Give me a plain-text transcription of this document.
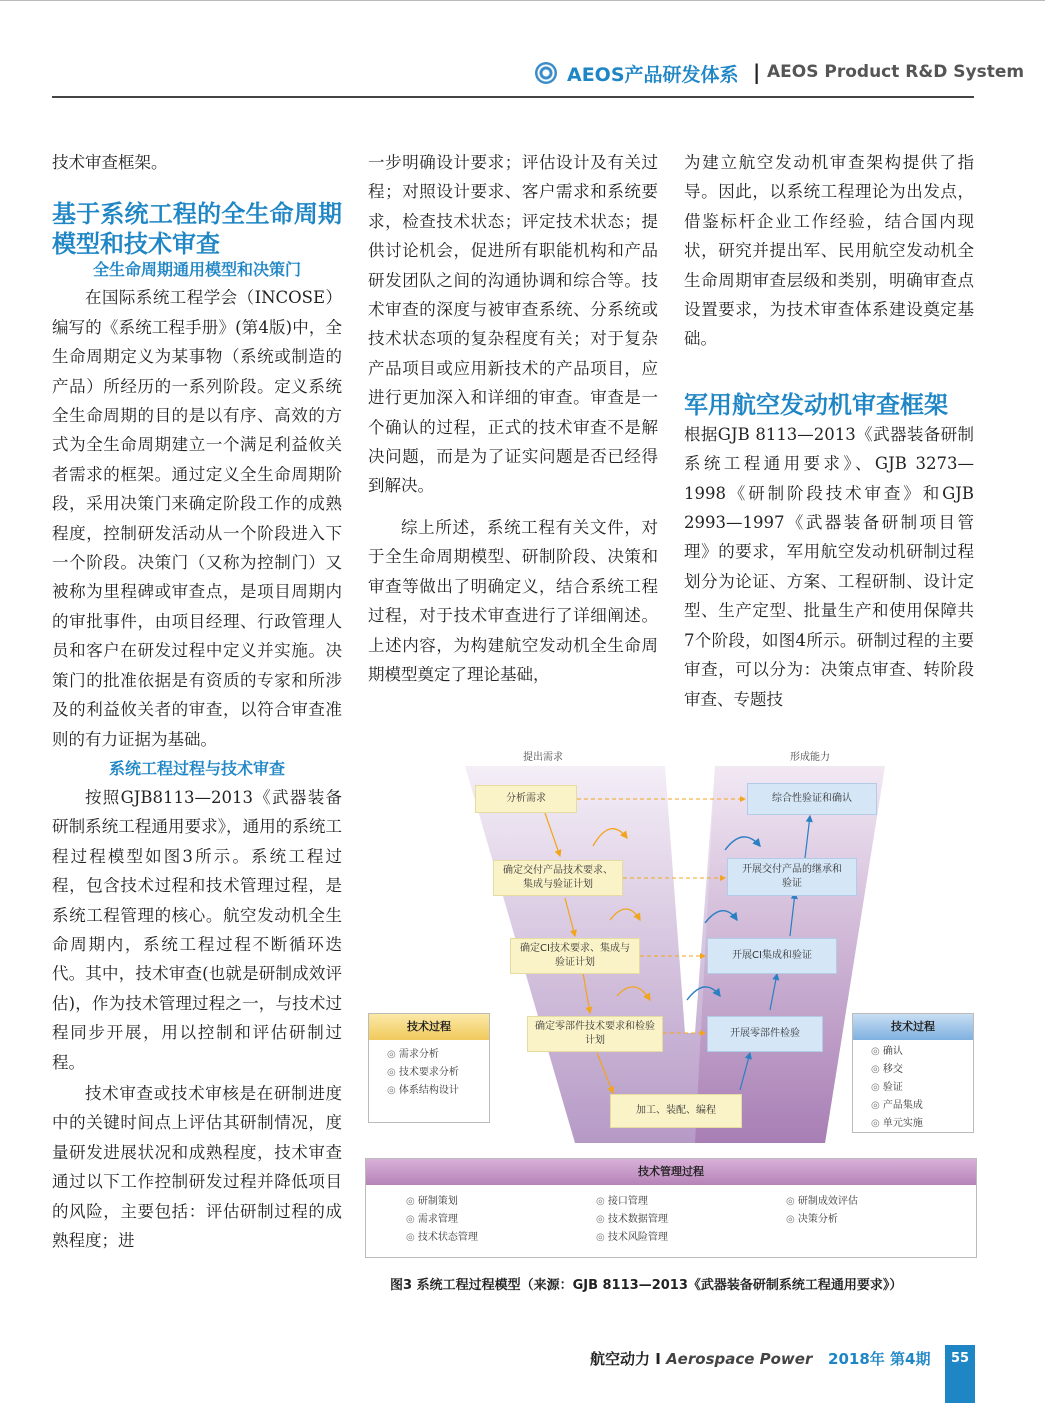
AEOS产品研发体系 | AEOS Product R&D System

技术审查框架。

基于系统工程的全生命周期模型和技术审查

全生命周期通用模型和决策门

在国际系统工程学会（INCOSE）编写的《系统工程手册》(第4版)中，全生命周期定义为某事物（系统或制造的产品）所经历的一系列阶段。定义系统全生命周期的目的是以有序、高效的方式为全生命周期建立一个满足利益攸关者需求的框架。通过定义全生命周期阶段，采用决策门来确定阶段工作的成熟程度，控制研发活动从一个阶段进入下一个阶段。决策门（又称为控制门）又被称为里程碑或审查点，是项目周期内的审批事件，由项目经理、行政管理人员和客户在研发过程中定义并实施。决策门的批准依据是有资质的专家和所涉及的利益攸关者的审查，以符合审查准则的有力证据为基础。

系统工程过程与技术审查

按照GJB8113—2013《武器装备研制系统工程通用要求》，通用的系统工程过程模型如图3所示。系统工程过程，包含技术过程和技术管理过程，是系统工程管理的核心。航空发动机全生命周期内，系统工程过程不断循环迭代。其中，技术审查(也就是研制成效评估)，作为技术管理过程之一，与技术过程同步开展，用以控制和评估研制过程。

技术审查或技术审核是在研制进度中的关键时间点上评估其研制情况，度量研发进展状况和成熟程度，技术审查通过以下工作控制研发过程并降低项目的风险，主要包括：评估研制过程的成熟程度；进

一步明确设计要求；评估设计及有关过程；对照设计要求、客户需求和系统要求，检查技术状态；评定技术状态；提供讨论机会，促进所有职能机构和产品研发团队之间的沟通协调和综合等。技术审查的深度与被审查系统、分系统或技术状态项的复杂程度有关；对于复杂产品项目或应用新技术的产品项目，应进行更加深入和详细的审查。审查是一个确认的过程，正式的技术审查不是解决问题，而是为了证实问题是否已经得到解决。

综上所述，系统工程有关文件，对于全生命周期模型、研制阶段、决策和审查等做出了明确定义，结合系统工程过程，对于技术审查进行了详细阐述。上述内容，为构建航空发动机全生命周期模型奠定了理论基础，

为建立航空发动机审查架构提供了指导。因此，以系统工程理论为出发点，借鉴标杆企业工作经验，结合国内现状，研究并提出军、民用航空发动机全生命周期审查层级和类别，明确审查点设置要求，为技术审查体系建设奠定基础。

军用航空发动机审查框架

根据GJB 8113—2013《武器装备研制系统工程通用要求》、GJB 3273—1998《研制阶段技术审查》和GJB 2993—1997《武器装备研制项目管理》的要求，军用航空发动机研制过程划分为论证、方案、工程研制、设计定型、生产定型、批量生产和使用保障共7个阶段，如图4所示。研制过程的主要审查，可以分为：决策点审查、转阶段审查、专题技

提出需求	形成能力
分析需求
确定交付产品技术要求、集成与验证计划
确定CI技术要求、集成与验证计划
确定零部件技术要求和检验计划
加工、装配、编程
综合性验证和确认
开展交付产品的继承和验证
开展CI集成和验证
开展零部件检验
技术过程
◎ 需求分析
◎ 技术要求分析
◎ 体系结构设计
技术过程
◎ 确认
◎ 移交
◎ 验证
◎ 产品集成
◎ 单元实施
技术管理过程
◎ 研制策划
◎ 需求管理
◎ 技术状态管理
◎ 接口管理
◎ 技术数据管理
◎ 技术风险管理
◎ 研制成效评估
◎ 决策分析
图3 系统工程过程模型（来源：GJB 8113—2013《武器装备研制系统工程通用要求》）
航空动力 I Aerospace Power 2018年 第4期	55
